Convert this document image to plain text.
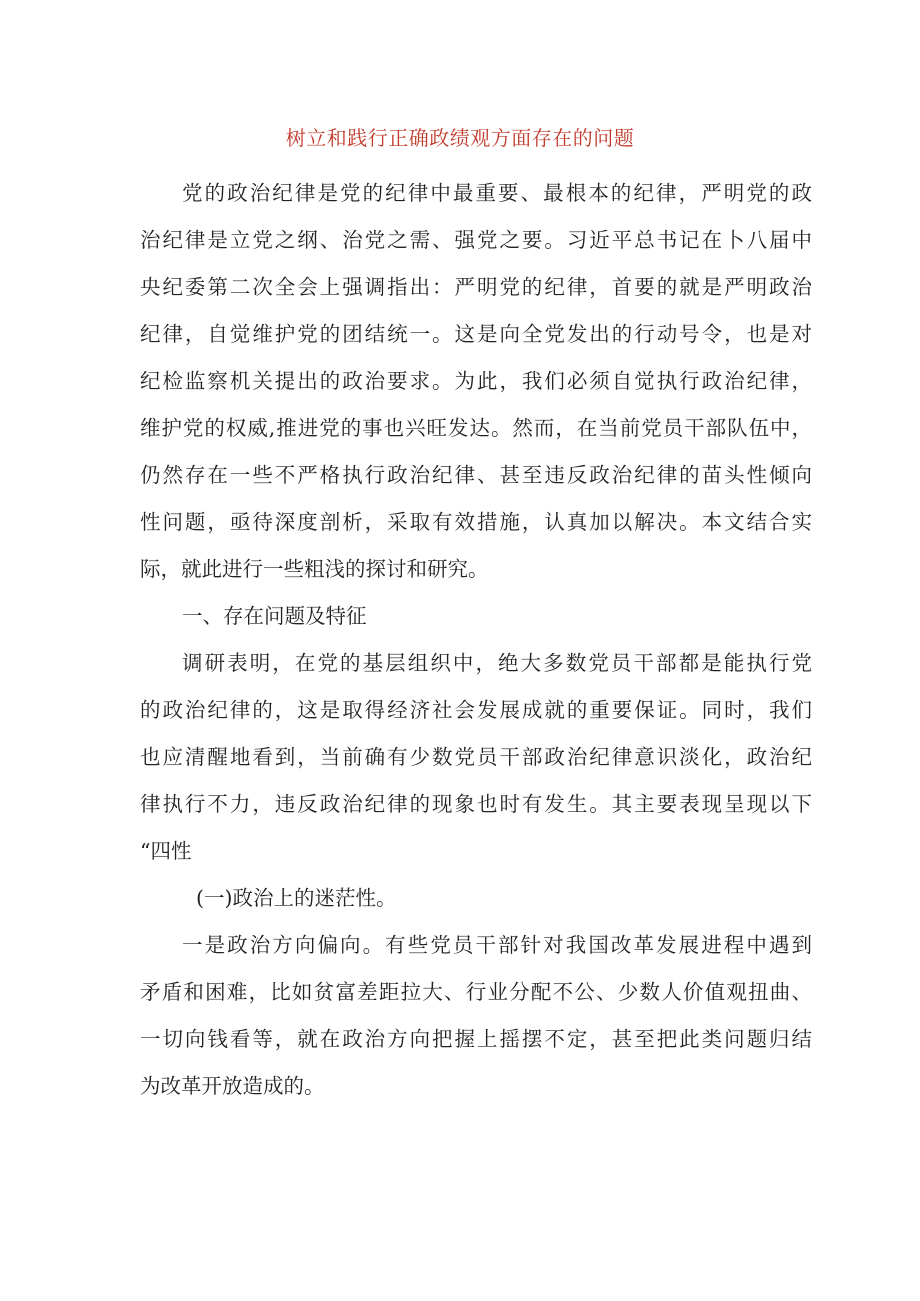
树立和践行正确政绩观方面存在的问题
党的政治纪律是党的纪律中最重要、最根本的纪律，严明党的政
治纪律是立党之纲、治党之需、强党之要。习近平总书记在卜八届中
央纪委第二次全会上强调指出：严明党的纪律，首要的就是严明政治
纪律，自觉维护党的团结统一。这是向全党发出的行动号令，也是对
纪检监察机关提出的政治要求。为此，我们必须自觉执行政治纪律，
维护党的权威,推进党的事也兴旺发达。然而，在当前党员干部队伍中，
仍然存在一些不严格执行政治纪律、甚至违反政治纪律的苗头性倾向
性问题，亟待深度剖析，采取有效措施，认真加以解决。本文结合实
际，就此进行一些粗浅的探讨和研究。
一、存在问题及特征
调研表明，在党的基层组织中，绝大多数党员干部都是能执行党
的政治纪律的，这是取得经济社会发展成就的重要保证。同时，我们
也应清醒地看到，当前确有少数党员干部政治纪律意识淡化，政治纪
律执行不力，违反政治纪律的现象也时有发生。其主要表现呈现以下
“四性
(一)政治上的迷茫性。
一是政治方向偏向。有些党员干部针对我国改革发展进程中遇到
矛盾和困难，比如贫富差距拉大、行业分配不公、少数人价值观扭曲、
一切向钱看等，就在政治方向把握上摇摆不定，甚至把此类问题归结
为改革开放造成的。
